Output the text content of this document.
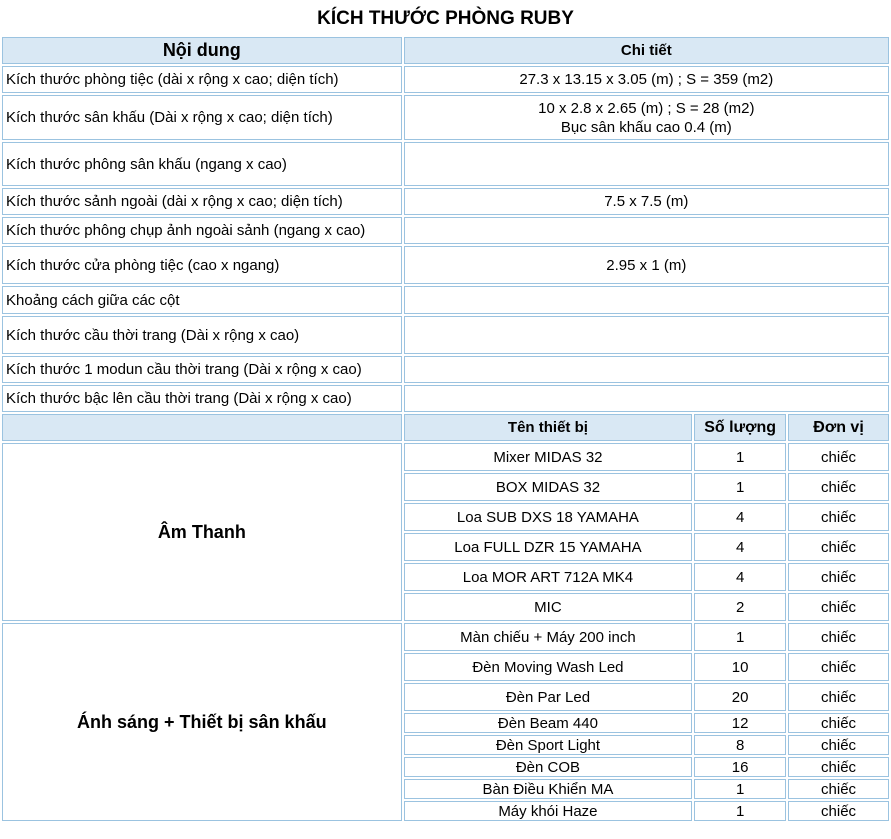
KÍCH THƯỚC PHÒNG RUBY			
Nội dung	Chi tiết		
Kích thước phòng tiệc (dài x rộng x cao; diện tích)	27.3 x 13.15 x 3.05 (m) ; S = 359 (m2)		
Kích thước sân khấu (Dài x rộng x cao; diện tích)	10 x 2.8 x 2.65 (m) ; S = 28 (m2)
Bục sân khấu cao 0.4 (m)		

Kích thước phông sân khấu (ngang x cao)			
Kích thước sảnh ngoài (dài x rộng x cao; diện tích)	7.5 x 7.5 (m)		
Kích thước phông chụp ảnh ngoài sảnh (ngang x cao)			
Kích thước cửa phòng tiệc (cao x ngang)	2.95 x 1 (m)		
Khoảng cách giữa các cột			
Kích thước cầu thời trang (Dài x rộng x cao)			
Kích thước 1 modun cầu thời trang (Dài x rộng x cao)			
Kích thước bậc lên cầu thời trang (Dài x rộng x cao)			
	Tên thiết bị	Số lượng	Đơn vị
Âm Thanh	Mixer MIDAS 32	1	chiếc
	BOX MIDAS 32	1	chiếc
	Loa SUB DXS 18 YAMAHA	4	chiếc
	Loa FULL DZR 15 YAMAHA	4	chiếc
	Loa MOR ART 712A MK4	4	chiếc
	MIC	2	chiếc
Ánh sáng + Thiết bị sân khấu	Màn chiếu + Máy 200 inch	1	chiếc
	Đèn Moving Wash Led	10	chiếc
	Đèn Par Led	20	chiếc
	Đèn Beam 440	12	chiếc
	Đèn Sport Light	8	chiếc
	Đèn COB	16	chiếc
	Bàn Điều Khiển MA	1	chiếc
	Máy khói Haze	1	chiếc
